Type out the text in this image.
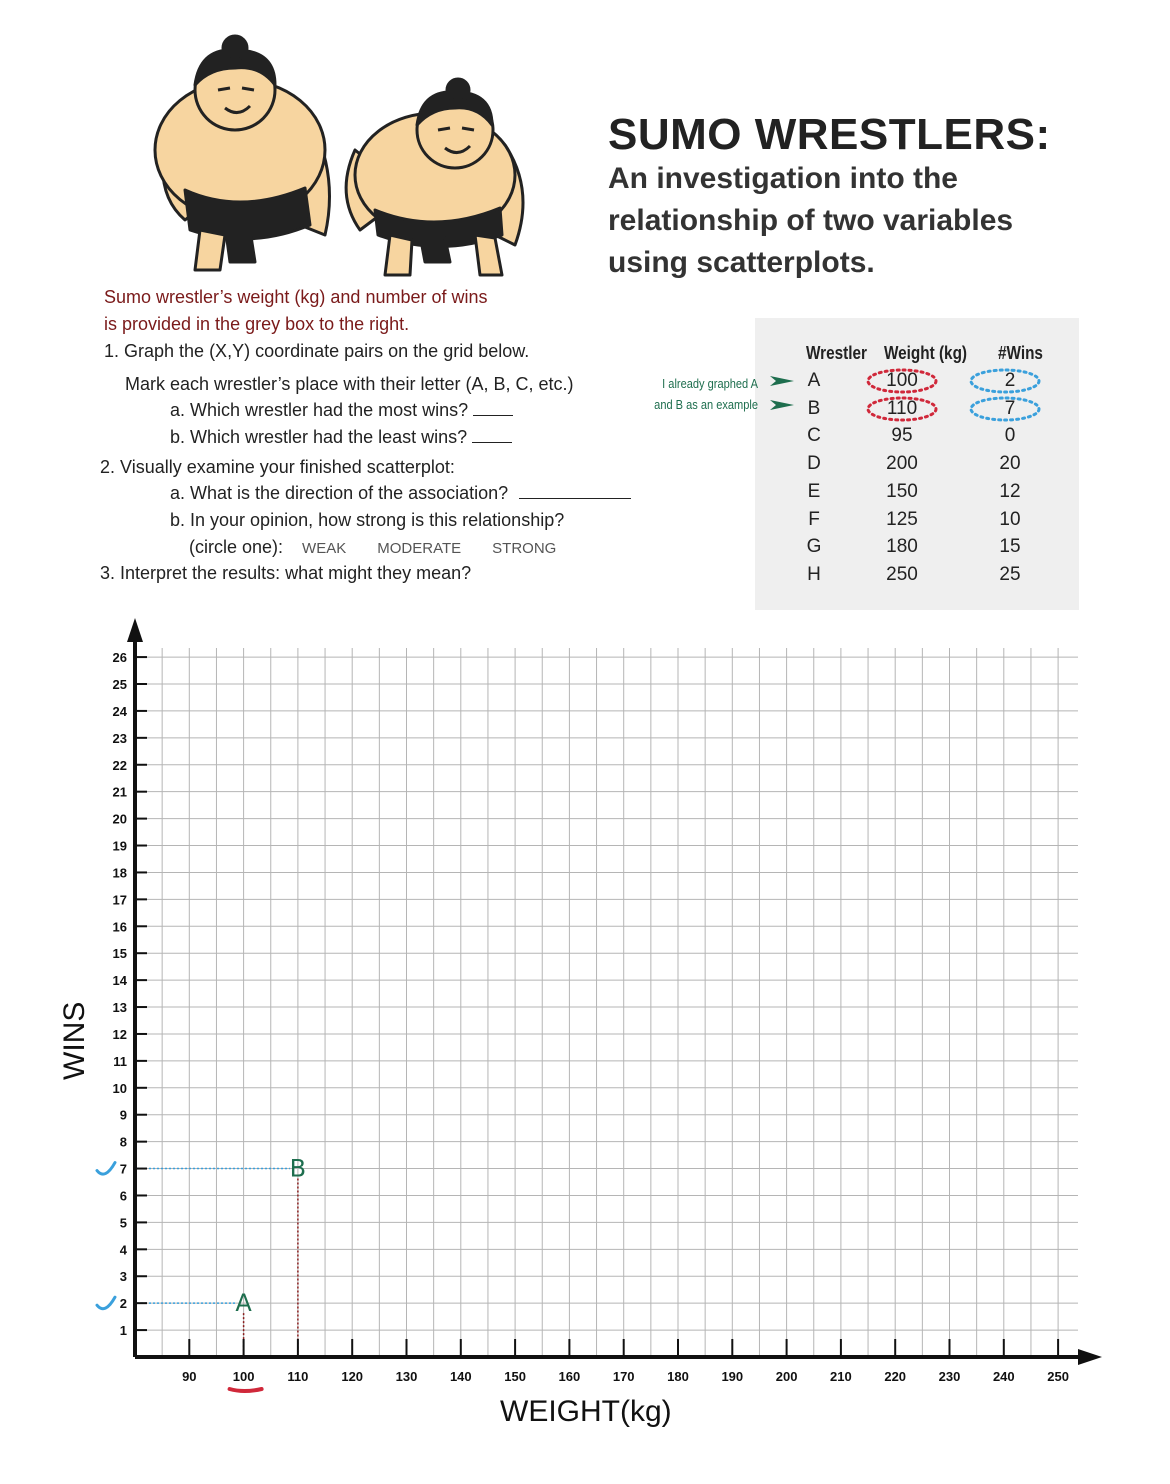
SUMO WRESTLERS:
An investigation into the
relationship of two variables
using scatterplots.
Sumo wrestler’s weight (kg) and number of wins
is provided in the grey box to the right.
1. Graph the (X,Y) coordinate pairs on the grid below.
Mark each wrestler’s place with their letter (A, B, C, etc.)
a. Which wrestler had the most wins?
b. Which wrestler had the least wins?
2. Visually examine your finished scatterplot:
a. What is the direction of the association?
b. In your opinion, how strong is this relationship?
(circle one): WEAK MODERATE STRONG
3. Interpret the results: what might they mean?
Wrestler Weight (kg) #Wins
A	100	2
B	110	7
C	95	0
D	200	20
E	150	12
F	125	10
G	180	15
H	250	25
I already graphed A
and B as an example
1
2
3
4
5
6
7
8
9
10
11
12
13
14
15
16
17
18
19
20
21
22
23
24
25
26
90	100	110	120	130	140	150	160	170	180	190	200	210	220	230	240	250
A
B
WEIGHT(kg)
WINS
